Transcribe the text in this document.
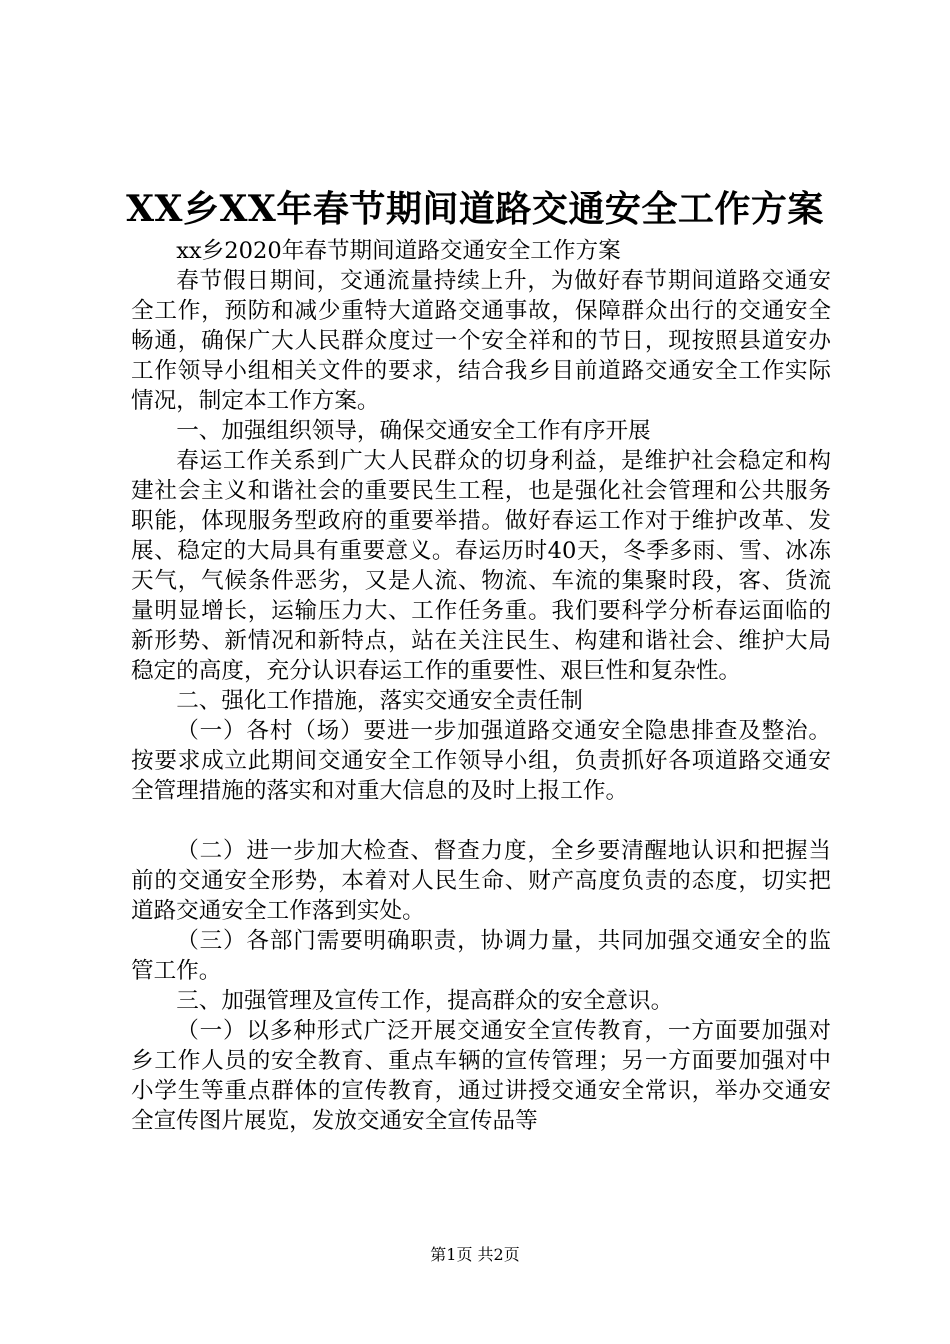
XX乡XX年春节期间道路交通安全工作方案

xx乡2020年春节期间道路交通安全工作方案

春节假日期间，交通流量持续上升，为做好春节期间道路交通安全工作，预防和减少重特大道路交通事故，保障群众出行的交通安全畅通，确保广大人民群众度过一个安全祥和的节日，现按照县道安办工作领导小组相关文件的要求，结合我乡目前道路交通安全工作实际情况，制定本工作方案。

一、加强组织领导，确保交通安全工作有序开展

春运工作关系到广大人民群众的切身利益，是维护社会稳定和构建社会主义和谐社会的重要民生工程，也是强化社会管理和公共服务职能，体现服务型政府的重要举措。做好春运工作对于维护改革、发展、稳定的大局具有重要意义。春运历时40天，冬季多雨、雪、冰冻天气，气候条件恶劣，又是人流、物流、车流的集聚时段，客、货流量明显增长，运输压力大、工作任务重。我们要科学分析春运面临的新形势、新情况和新特点，站在关注民生、构建和谐社会、维护大局稳定的高度，充分认识春运工作的重要性、艰巨性和复杂性。

二、强化工作措施，落实交通安全责任制

（一）各村（场）要进一步加强道路交通安全隐患排查及整治。按要求成立此期间交通安全工作领导小组，负责抓好各项道路交通安全管理措施的落实和对重大信息的及时上报工作。

（二）进一步加大检查、督查力度，全乡要清醒地认识和把握当前的交通安全形势，本着对人民生命、财产高度负责的态度，切实把道路交通安全工作落到实处。

（三）各部门需要明确职责，协调力量，共同加强交通安全的监管工作。

三、加强管理及宣传工作，提高群众的安全意识。

（一）以多种形式广泛开展交通安全宣传教育，一方面要加强对乡工作人员的安全教育、重点车辆的宣传管理；另一方面要加强对中小学生等重点群体的宣传教育，通过讲授交通安全常识，举办交通安全宣传图片展览，发放交通安全宣传品等

第1页 共2页
